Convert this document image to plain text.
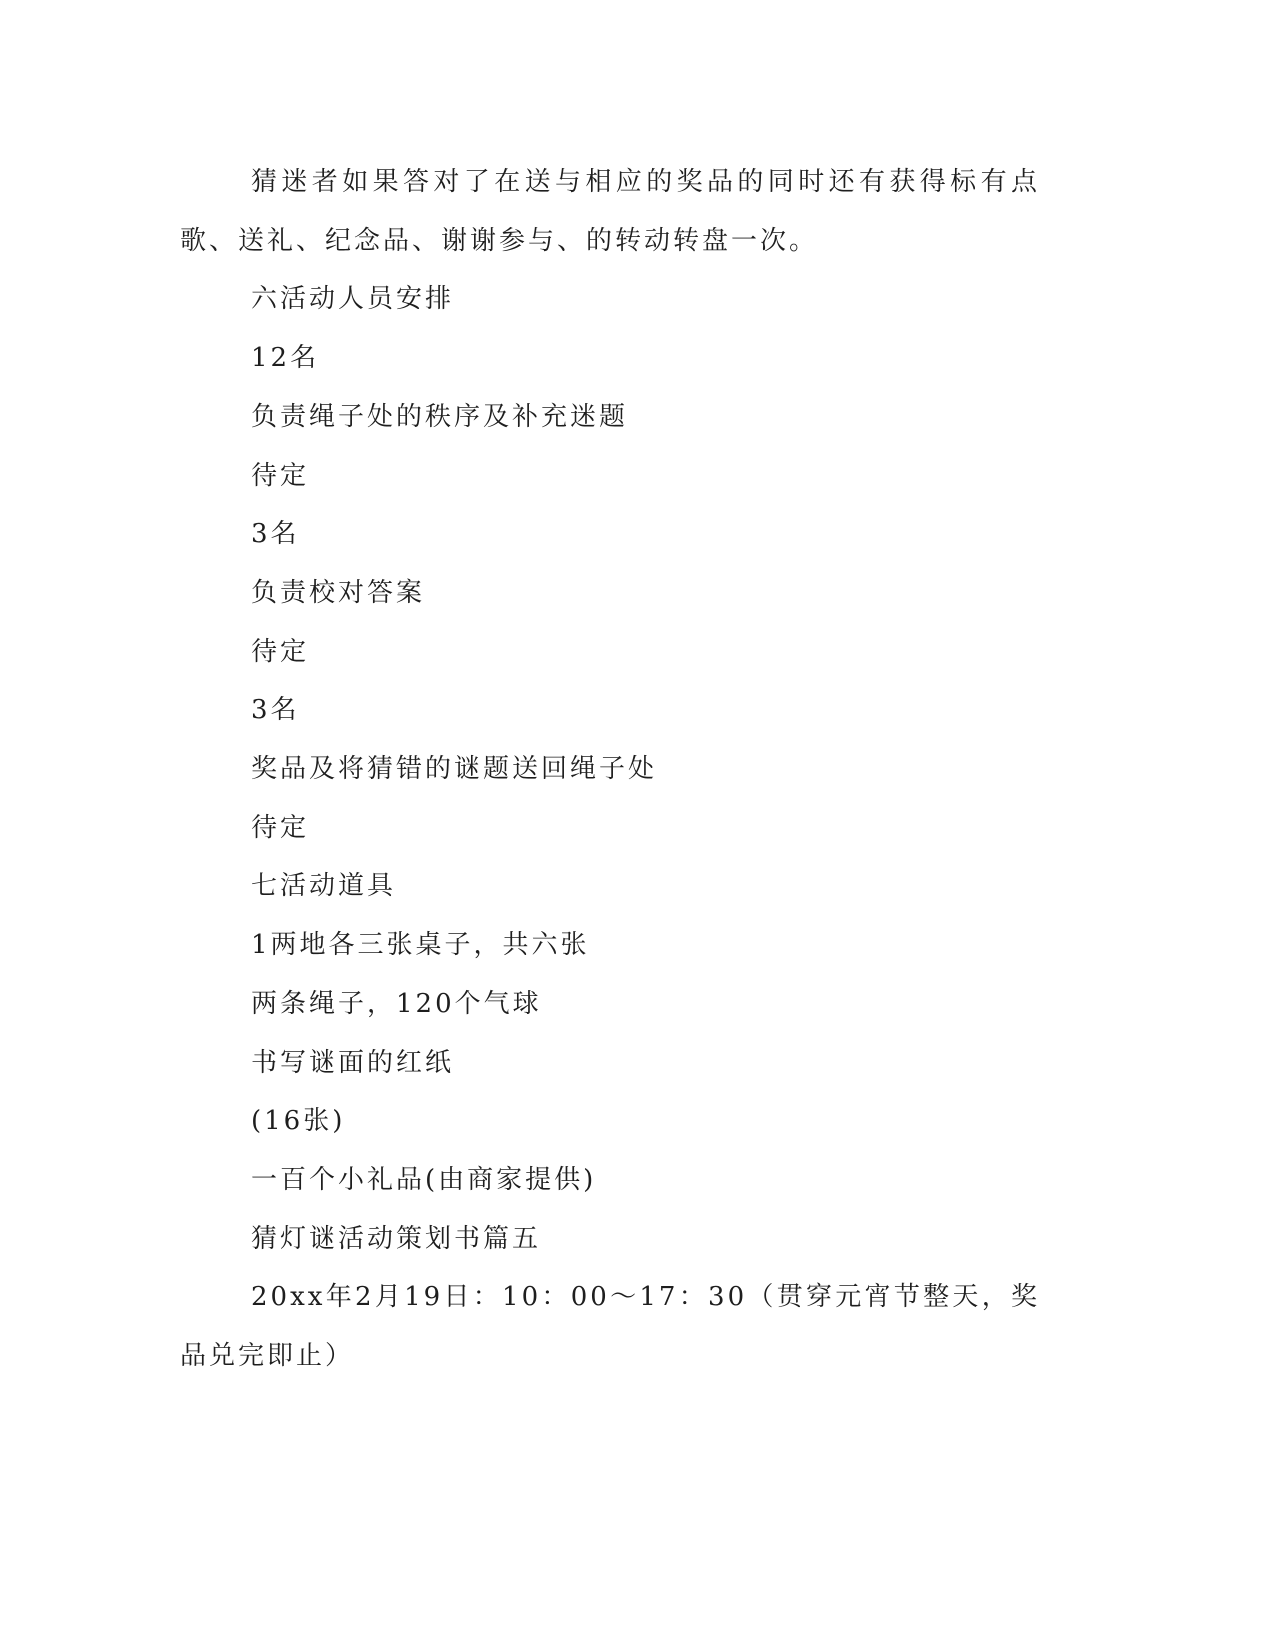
猜迷者如果答对了在送与相应的奖品的同时还有获得标有点歌、送礼、纪念品、谢谢参与、的转动转盘一次。

六活动人员安排

12名

负责绳子处的秩序及补充迷题

待定

3名

负责校对答案

待定

3名

奖品及将猜错的谜题送回绳子处

待定

七活动道具

1两地各三张桌子，共六张

两条绳子，120个气球

书写谜面的红纸

(16张)

一百个小礼品(由商家提供)

猜灯谜活动策划书篇五

20xx年2月19日：10：00～17：30（贯穿元宵节整天，奖品兑完即止）
